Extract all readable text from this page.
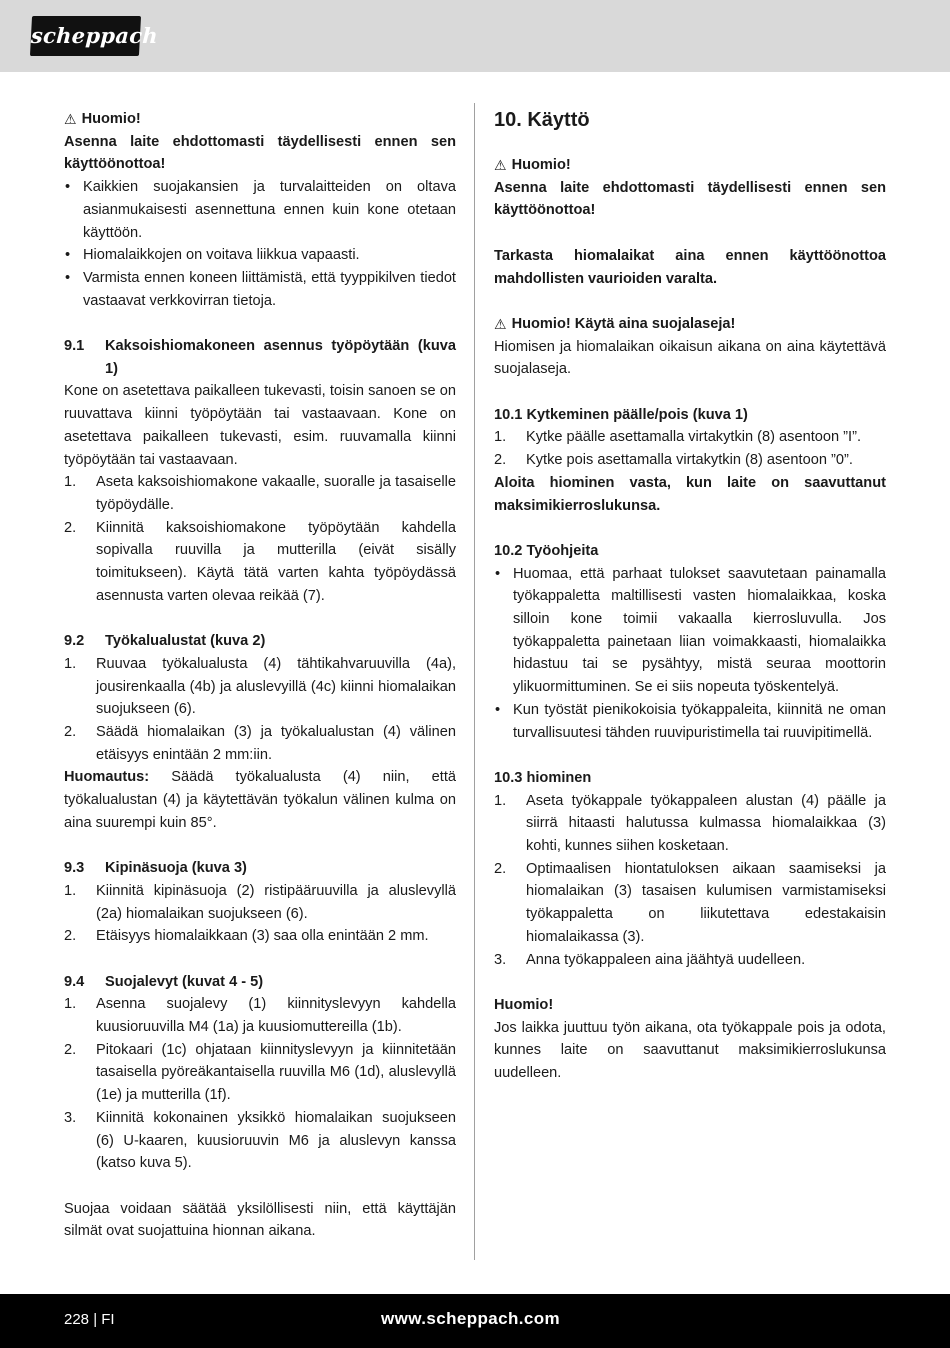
scheppach
⚠ Huomio!

Asenna laite ehdottomasti täydellisesti ennen sen käyttöönottoa!

• Kaikkien suojakansien ja turvalaitteiden on oltava asianmukaisesti asennettuna ennen kuin kone otetaan käyttöön.
• Hiomalaikkojen on voitava liikkua vapaasti.
• Varmista ennen koneen liittämistä, että tyyppikilven tiedot vastaavat verkkovirran tietoja.
9.1	Kaksoishiomakoneen asennus työpöytään (kuva 1)

Kone on asetettava paikalleen tukevasti, toisin sanoen se on ruuvattava kiinni työpöytään tai vastaavaan. Kone on asetettava paikalleen tukevasti, esim. ruuvamalla kiinni työpöytään tai vastaavaan.

1.	Aseta kaksoishiomakone vakaalle, suoralle ja tasaiselle työpöydälle.
2.	Kiinnitä kaksoishiomakone työpöytään kahdella sopivalla ruuvilla ja mutterilla (eivät sisälly toimitukseen). Käytä tätä varten kahta työpöydässä asennusta varten olevaa reikää (7).
9.2	Työkalualustat (kuva 2)
1.	Ruuvaa työkalualusta (4) tähtikahvaruuvilla (4a), jousirenkaalla (4b) ja aluslevyillä (4c) kiinni hiomalaikan suojukseen (6).
2.	Säädä hiomalaikan (3) ja työkalualustan (4) välinen etäisyys enintään 2 mm:iin.

Huomautus: Säädä työkalualusta (4) niin, että työkalualustan (4) ja käytettävän työkalun välinen kulma on aina suurempi kuin 85°.

9.3	Kipinäsuoja (kuva 3)
1.	Kiinnitä kipinäsuoja (2) ristipääruuvilla ja aluslevyllä (2a) hiomalaikan suojukseen (6).
2.	Etäisyys hiomalaikkaan (3) saa olla enintään 2 mm.
9.4	Suojalevyt (kuvat 4 - 5)
1.	Asenna suojalevy (1) kiinnityslevyyn kahdella kuusioruuvilla M4 (1a) ja kuusiomuttereilla (1b).
2.	Pitokaari (1c) ohjataan kiinnityslevyyn ja kiinnitetään tasaisella pyöreäkantaisella ruuvilla M6 (1d), aluslevyllä (1e) ja mutterilla (1f).
3.	Kiinnitä kokonainen yksikkö hiomalaikan suojukseen (6) U-kaaren, kuusioruuvin M6 ja aluslevyn kanssa (katso kuva 5).

Suojaa voidaan säätää yksilöllisesti niin, että käyttäjän silmät ovat suojattuina hionnan aikana.

10. Käyttö
⚠ Huomio!

Asenna laite ehdottomasti täydellisesti ennen sen käyttöönottoa!

Tarkasta hiomalaikat aina ennen käyttöönottoa mahdollisten vaurioiden varalta.

⚠ Huomio! Käytä aina suojalaseja!

Hiomisen ja hiomalaikan oikaisun aikana on aina käytettävä suojalaseja.

10.1 Kytkeminen päälle/pois (kuva 1)
1.	Kytke päälle asettamalla virtakytkin (8) asentoon ”I”.
2.	Kytke pois asettamalla virtakytkin (8) asentoon ”0”.

Aloita hiominen vasta, kun laite on saavuttanut maksimikierroslukunsa.

10.2 Työohjeita
• Huomaa, että parhaat tulokset saavutetaan painamalla työkappaletta maltillisesti vasten hiomalaikkaa, koska silloin kone toimii vakaalla kierrosluvulla. Jos työkappaletta painetaan liian voimakkaasti, hiomalaikka hidastuu tai se pysähtyy, mistä seuraa moottorin ylikuormittuminen. Se ei siis nopeuta työskentelyä.
• Kun työstät pienikokoisia työkappaleita, kiinnitä ne oman turvallisuutesi tähden ruuvipuristimella tai ruuvipitimellä.
10.3 hiominen
1.	Aseta työkappale työkappaleen alustan (4) päälle ja siirrä hitaasti halutussa kulmassa hiomalaikkaa (3) kohti, kunnes siihen kosketaan.
2.	Optimaalisen hiontatuloksen aikaan saamiseksi ja hiomalaikan (3) tasaisen kulumisen varmistamiseksi työkappaletta on liikutettava edestakaisin hiomalaikassa (3).
3.	Anna työkappaleen aina jäähtyä uudelleen.

Huomio!

Jos laikka juuttuu työn aikana, ota työkappale pois ja odota, kunnes laite on saavuttanut maksimikierroslukunsa uudelleen.

228 | FI	www.scheppach.com
